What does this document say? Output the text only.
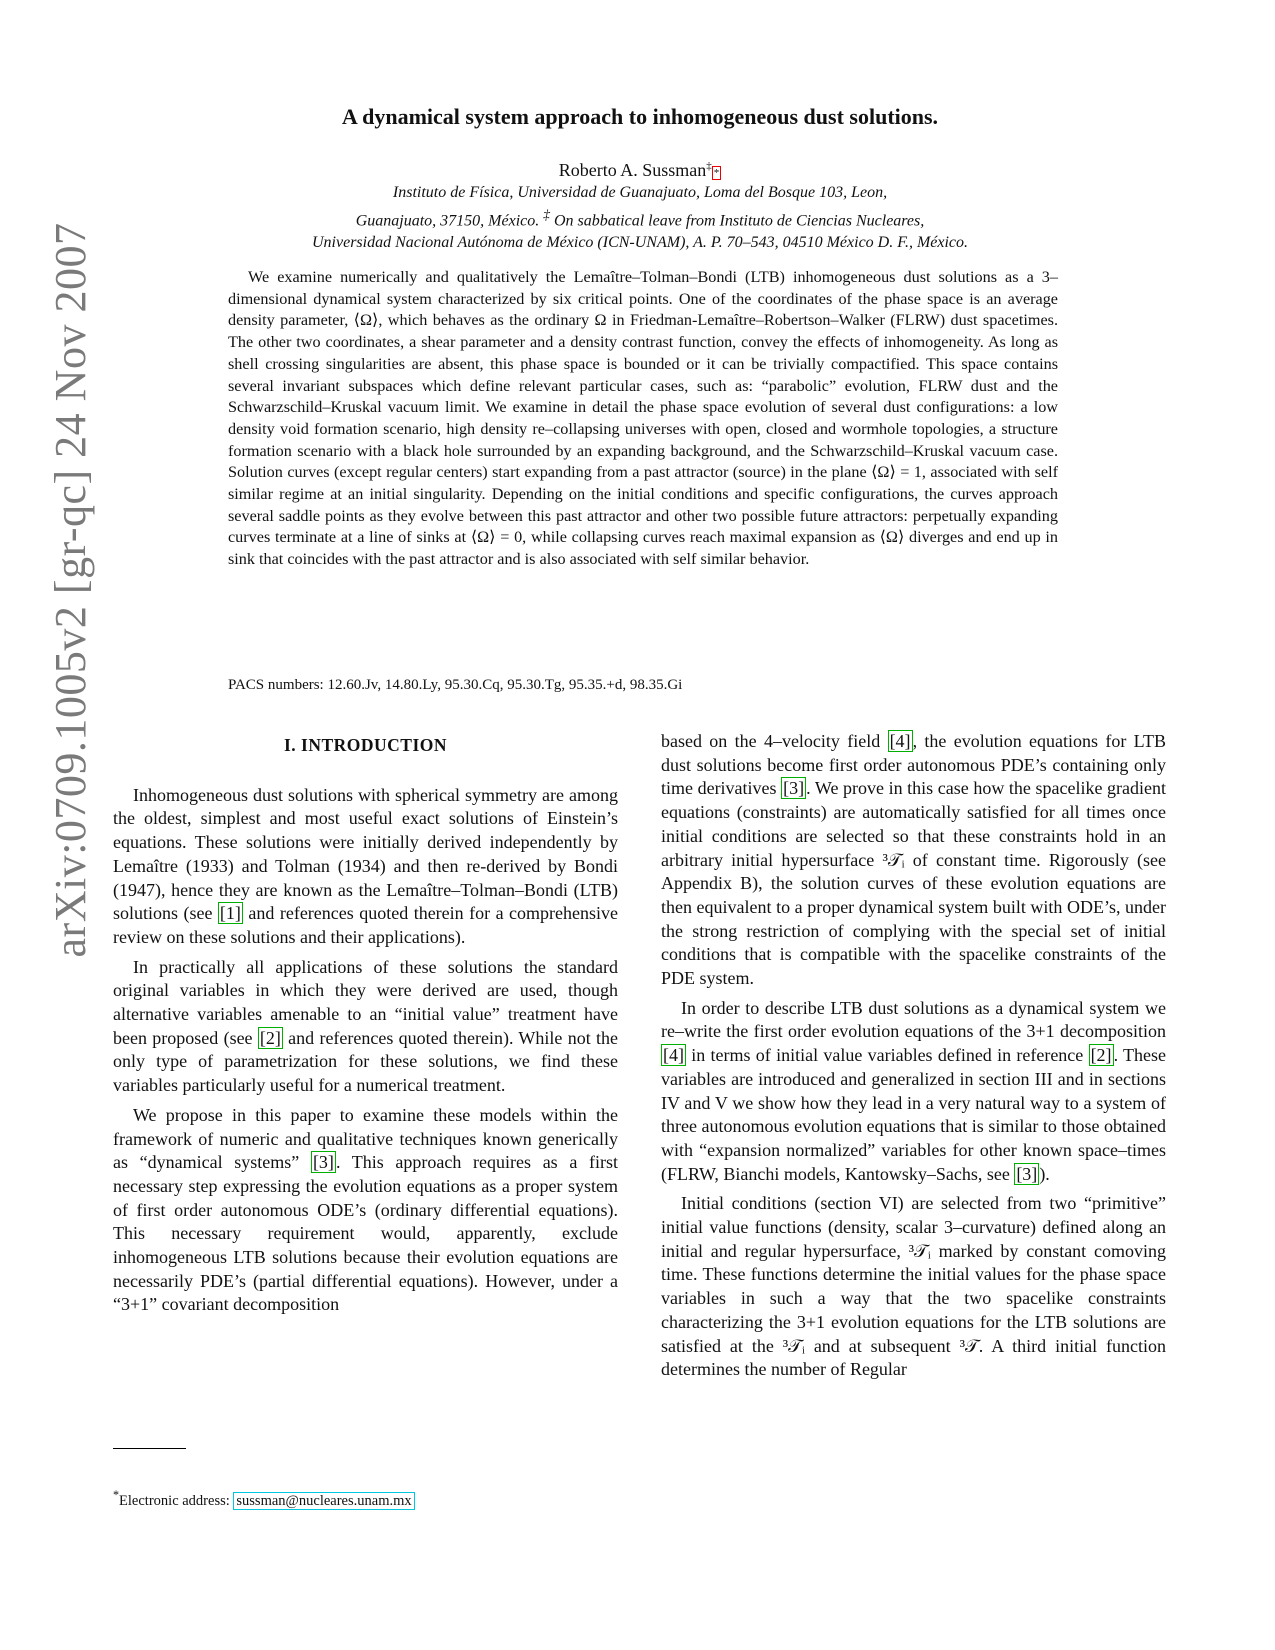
arXiv:0709.1005v2 [gr-qc] 24 Nov 2007
A dynamical system approach to inhomogeneous dust solutions.
Roberto A. Sussman‡*
Instituto de Física, Universidad de Guanajuato, Loma del Bosque 103, Leon,
Guanajuato, 37150, México. ‡ On sabbatical leave from Instituto de Ciencias Nucleares,
Universidad Nacional Autónoma de México (ICN-UNAM), A. P. 70–543, 04510 México D. F., México.

We examine numerically and qualitatively the Lemaître–Tolman–Bondi (LTB) inhomogeneous dust solutions as a 3–dimensional dynamical system characterized by six critical points. One of the coordinates of the phase space is an average density parameter, ⟨Ω⟩, which behaves as the ordinary Ω in Friedman-Lemaître–Robertson–Walker (FLRW) dust spacetimes. The other two coordinates, a shear parameter and a density contrast function, convey the effects of inhomogeneity. As long as shell crossing singularities are absent, this phase space is bounded or it can be trivially compactified. This space contains several invariant subspaces which define relevant particular cases, such as: “parabolic” evolution, FLRW dust and the Schwarzschild–Kruskal vacuum limit. We examine in detail the phase space evolution of several dust configurations: a low density void formation scenario, high density re–collapsing universes with open, closed and wormhole topologies, a structure formation scenario with a black hole surrounded by an expanding background, and the Schwarzschild–Kruskal vacuum case. Solution curves (except regular centers) start expanding from a past attractor (source) in the plane ⟨Ω⟩ = 1, associated with self similar regime at an initial singularity. Depending on the initial conditions and specific configurations, the curves approach several saddle points as they evolve between this past attractor and other two possible future attractors: perpetually expanding curves terminate at a line of sinks at ⟨Ω⟩ = 0, while collapsing curves reach maximal expansion as ⟨Ω⟩ diverges and end up in sink that coincides with the past attractor and is also associated with self similar behavior.

PACS numbers: 12.60.Jv, 14.80.Ly, 95.30.Cq, 95.30.Tg, 95.35.+d, 98.35.Gi
I. INTRODUCTION

Inhomogeneous dust solutions with spherical symmetry are among the oldest, simplest and most useful exact solutions of Einstein’s equations. These solutions were initially derived independently by Lemaître (1933) and Tolman (1934) and then re-derived by Bondi (1947), hence they are known as the Lemaître–Tolman–Bondi (LTB) solutions (see [1] and references quoted therein for a comprehensive review on these solutions and their applications).

In practically all applications of these solutions the standard original variables in which they were derived are used, though alternative variables amenable to an “initial value” treatment have been proposed (see [2] and references quoted therein). While not the only type of parametrization for these solutions, we find these variables particularly useful for a numerical treatment.

We propose in this paper to examine these models within the framework of numeric and qualitative techniques known generically as “dynamical systems” [3] . This approach requires as a first necessary step expressing the evolution equations as a proper system of first order autonomous ODE’s (ordinary differential equations). This necessary requirement would, apparently, exclude inhomogeneous LTB solutions because their evolution equations are necessarily PDE’s (partial differential equations). However, under a “3+1” covariant decomposition

based on the 4–velocity field [4] , the evolution equations for LTB dust solutions become first order autonomous PDE’s containing only time derivatives [3] . We prove in this case how the spacelike gradient equations (constraints) are automatically satisfied for all times once initial conditions are selected so that these constraints hold in an arbitrary initial hypersurface ³𝒯ᵢ of constant time. Rigorously (see Appendix B), the solution curves of these evolution equations are then equivalent to a proper dynamical system built with ODE’s, under the strong restriction of complying with the special set of initial conditions that is compatible with the spacelike constraints of the PDE system.

In order to describe LTB dust solutions as a dynamical system we re–write the first order evolution equations of the 3+1 decomposition [4] in terms of initial value variables defined in reference [2] . These variables are introduced and generalized in section III and in sections IV and V we show how they lead in a very natural way to a system of three autonomous evolution equations that is similar to those obtained with “expansion normalized” variables for other known space–times (FLRW, Bianchi models, Kantowsky–Sachs, see [3] ).

Initial conditions (section VI) are selected from two “primitive” initial value functions (density, scalar 3–curvature) defined along an initial and regular hypersurface, ³𝒯ᵢ marked by constant comoving time. These functions determine the initial values for the phase space variables in such a way that the two spacelike constraints characterizing the 3+1 evolution equations for the LTB solutions are satisfied at the ³𝒯ᵢ and at subsequent ³𝒯. A third initial function determines the number of Regular

*Electronic address: sussman@nucleares.unam.mx
